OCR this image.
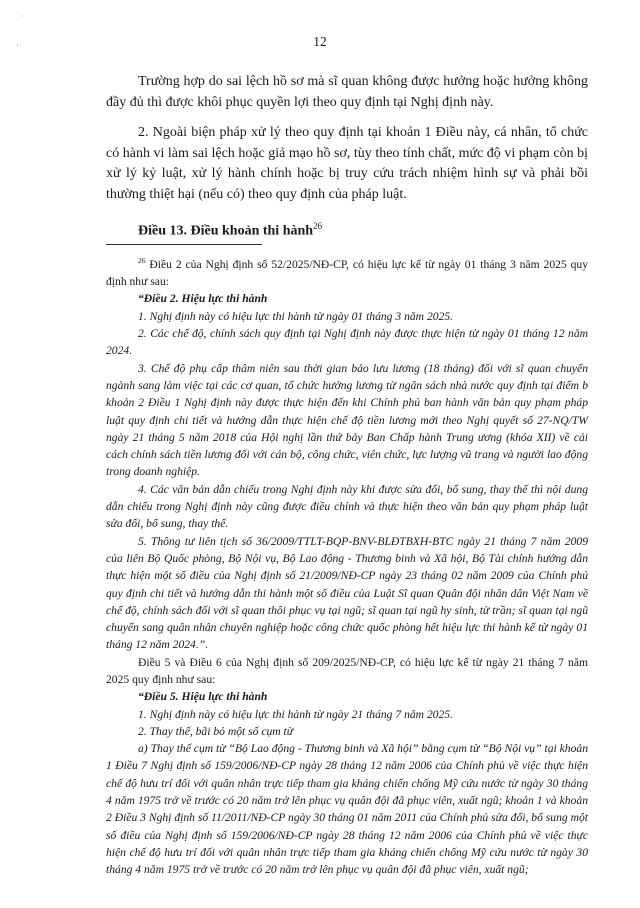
˙
·	12

Trường hợp do sai lệch hồ sơ mà sĩ quan không được hưởng hoặc hưởng không đầy đủ thì được khôi phục quyền lợi theo quy định tại Nghị định này.

2. Ngoài biện pháp xử lý theo quy định tại khoản 1 Điều này, cá nhân, tổ chức có hành vi làm sai lệch hoặc giả mạo hồ sơ, tùy theo tính chất, mức độ vi phạm còn bị xử lý kỷ luật, xử lý hành chính hoặc bị truy cứu trách nhiệm hình sự và phải bồi thường thiệt hại (nếu có) theo quy định của pháp luật.

Điều 13. Điều khoản thi hành$^{26}$

$^{26}$ Điều 2 của Nghị định số 52/2025/NĐ-CP, có hiệu lực kể từ ngày 01 tháng 3 năm 2025 quy định như sau:

“Điều 2. Hiệu lực thi hành

1. Nghị định này có hiệu lực thi hành từ ngày 01 tháng 3 năm 2025.

2. Các chế độ, chính sách quy định tại Nghị định này được thực hiện từ ngày 01 tháng 12 năm 2024.

3. Chế độ phụ cấp thâm niên sau thời gian bảo lưu lương (18 tháng) đối với sĩ quan chuyển ngành sang làm việc tại các cơ quan, tổ chức hưởng lương từ ngân sách nhà nước quy định tại điểm b khoản 2 Điều 1 Nghị định này được thực hiện đến khi Chính phủ ban hành văn bản quy phạm pháp luật quy định chi tiết và hướng dẫn thực hiện chế độ tiền lương mới theo Nghị quyết số 27-NQ/TW ngày 21 tháng 5 năm 2018 của Hội nghị lần thứ bảy Ban Chấp hành Trung ương (khóa XII) về cải cách chính sách tiền lương đối với cán bộ, công chức, viên chức, lực lượng vũ trang và người lao động trong doanh nghiệp.

4. Các văn bản dẫn chiếu trong Nghị định này khi được sửa đổi, bổ sung, thay thế thì nội dung dẫn chiếu trong Nghị định này cũng được điều chỉnh và thực hiện theo văn bản quy phạm pháp luật sửa đổi, bổ sung, thay thế.

5. Thông tư liên tịch số 36/2009/TTLT-BQP-BNV-BLĐTBXH-BTC ngày 21 tháng 7 năm 2009 của liên Bộ Quốc phòng, Bộ Nội vụ, Bộ Lao động - Thương binh và Xã hội, Bộ Tài chính hướng dẫn thực hiện một số điều của Nghị định số 21/2009/NĐ-CP ngày 23 tháng 02 năm 2009 của Chính phủ quy định chi tiết và hướng dẫn thi hành một số điều của Luật Sĩ quan Quân đội nhân dân Việt Nam về chế độ, chính sách đối với sĩ quan thôi phục vụ tại ngũ; sĩ quan tại ngũ hy sinh, từ trần; sĩ quan tại ngũ chuyển sang quân nhân chuyên nghiệp hoặc công chức quốc phòng hết hiệu lực thi hành kể từ ngày 01 tháng 12 năm 2024.”.

Điều 5 và Điều 6 của Nghị định số 209/2025/NĐ-CP, có hiệu lực kể từ ngày 21 tháng 7 năm 2025 quy định như sau:

“Điều 5. Hiệu lực thi hành

1. Nghị định này có hiệu lực thi hành từ ngày 21 tháng 7 năm 2025.

2. Thay thế, bãi bỏ một số cụm từ

a) Thay thế cụm từ “Bộ Lao động - Thương binh và Xã hội” bằng cụm từ “Bộ Nội vụ” tại khoản 1 Điều 7 Nghị định số 159/2006/NĐ-CP ngày 28 tháng 12 năm 2006 của Chính phủ về việc thực hiện chế độ hưu trí đối với quân nhân trực tiếp tham gia kháng chiến chống Mỹ cứu nước từ ngày 30 tháng 4 năm 1975 trở về trước có 20 năm trở lên phục vụ quân đội đã phục viên, xuất ngũ; khoản 1 và khoản 2 Điều 3 Nghị định số 11/2011/NĐ-CP ngày 30 tháng 01 năm 2011 của Chính phủ sửa đổi, bổ sung một số điều của Nghị định số 159/2006/NĐ-CP ngày 28 tháng 12 năm 2006 của Chính phủ về việc thực hiện chế độ hưu trí đối với quân nhân trực tiếp tham gia kháng chiến chống Mỹ cứu nước từ ngày 30 tháng 4 năm 1975 trở về trước có 20 năm trở lên phục vụ quân đội đã phục viên, xuất ngũ;
